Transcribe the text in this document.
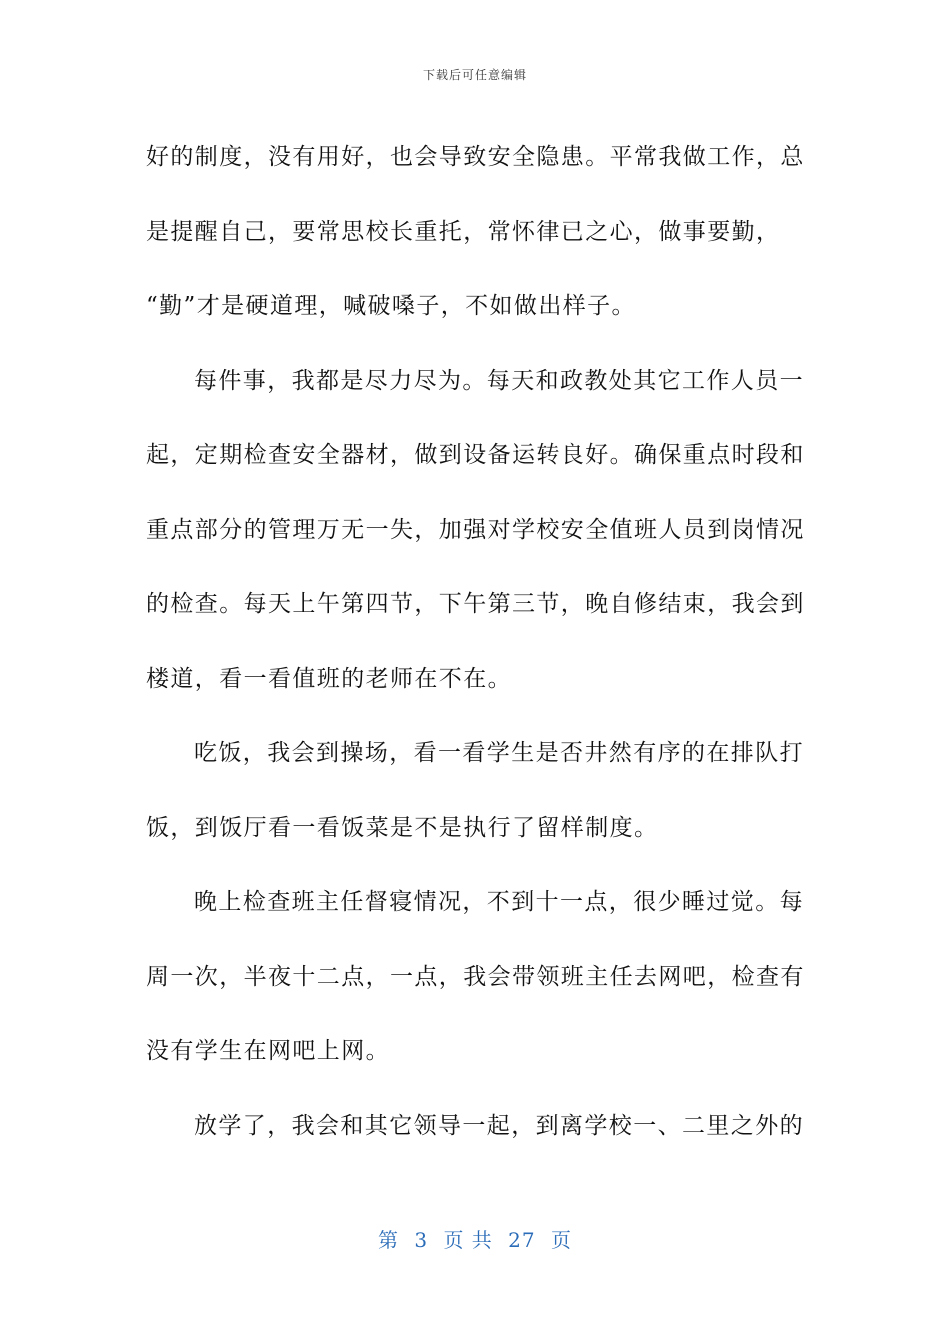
下载后可任意编辑
好的制度，没有用好，也会导致安全隐患。平常我做工作，总
是提醒自己，要常思校长重托，常怀律已之心，做事要勤，
“勤”才是硬道理，喊破嗓子，不如做出样子。
每件事，我都是尽力尽为。每天和政教处其它工作人员一
起，定期检查安全器材，做到设备运转良好。确保重点时段和
重点部分的管理万无一失，加强对学校安全值班人员到岗情况
的检查。每天上午第四节，下午第三节，晚自修结束，我会到
楼道，看一看值班的老师在不在。
吃饭，我会到操场，看一看学生是否井然有序的在排队打
饭，到饭厅看一看饭菜是不是执行了留样制度。
晚上检查班主任督寝情况，不到十一点，很少睡过觉。每
周一次，半夜十二点，一点，我会带领班主任去网吧，检查有
没有学生在网吧上网。
放学了，我会和其它领导一起，到离学校一、二里之外的
第 3 页 共 27 页
